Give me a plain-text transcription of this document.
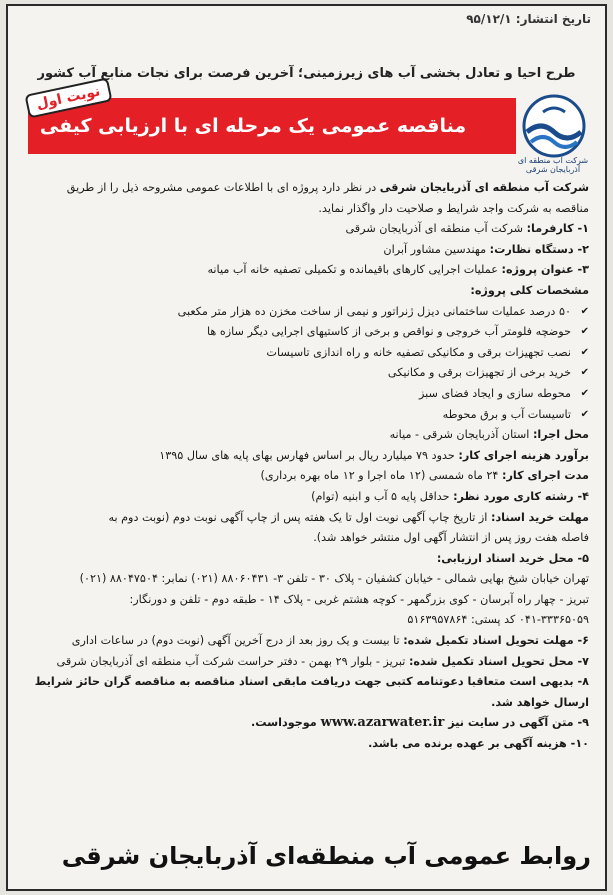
تاریخ انتشار: ۹۵/۱۲/۱
طرح احیا و تعادل بخشی آب های زیرزمینی؛ آخرین فرصت برای نجات منابع آب کشور
مناقصه عمومی یک مرحله ای با ارزیابی کیفی
نوبت اول
شرکت آب منطقه ای آذربایجان شرقی

شرکت آب منطقه ای آذربایجان شرقی در نظر دارد پروژه ای با اطلاعات عمومی مشروحه ذیل را از طریق

مناقصه به شرکت واجد شرایط و صلاحیت دار واگذار نماید.

۱- کارفرما: شرکت آب منطقه ای آذربایجان شرقی

۲- دستگاه نظارت: مهندسین مشاور آبران

۳- عنوان پروژه: عملیات اجرایی کارهای باقیمانده و تکمیلی تصفیه خانه آب میانه

مشخصات کلی پروژه:

✔ ۵۰ درصد عملیات ساختمانی دیزل ژنراتور و نیمی از ساخت مخزن ده هزار متر مکعبی

✔ حوضچه فلومتر آب خروجی و نواقص و برخی از کاستیهای اجرایی دیگر سازه ها

✔ نصب تجهیزات برقی و مکانیکی تصفیه خانه و راه اندازی تاسیسات

✔ خرید برخی از تجهیزات برقی و مکانیکی

✔ محوطه سازی و ایجاد فضای سبز

✔ تاسیسات آب و برق محوطه

محل اجرا: استان آذربایجان شرقی - میانه

برآورد هزینه اجرای کار: حدود ۷۹ میلیارد ریال بر اساس فهارس بهای پایه های سال ۱۳۹۵

مدت اجرای کار: ۲۴ ماه شمسی (۱۲ ماه اجرا و ۱۲ ماه بهره برداری)

۴- رشته کاری مورد نظر: حداقل پایه ۵ آب و ابنیه (توام)

مهلت خرید اسناد: از تاریخ چاپ آگهی نوبت اول تا یک هفته پس از چاپ آگهی نوبت دوم (نوبت دوم به

فاصله هفت روز پس از انتشار آگهی اول منتشر خواهد شد).

۵- محل خرید اسناد ارزیابی:

تهران خیابان شیخ بهایی شمالی - خیابان کشفیان - پلاک ۳۰ - تلفن ۳- ۸۸۰۶۰۴۳۱ (۰۲۱) نمابر: ۸۸۰۴۷۵۰۴ (۰۲۱)

تبریز - چهار راه آبرسان - کوی بزرگمهر - کوچه هشتم غربی - پلاک ۱۴ - طبقه دوم - تلفن و دورنگار:

۰۴۱-۳۳۳۶۵۰۵۹ کد پستی: ۵۱۶۳۹۵۷۸۶۴

۶- مهلت تحویل اسناد تکمیل شده: تا بیست و یک روز بعد از درج آخرین آگهی (نوبت دوم) در ساعات اداری

۷- محل تحویل اسناد تکمیل شده: تبریز - بلوار ۲۹ بهمن - دفتر حراست شرکت آب منطقه ای آذربایجان شرقی

۸- بدیهی است متعاقبا دعوتنامه کتبی جهت دریافت مابقی اسناد مناقصه به مناقصه گران حائز شرایط

ارسال خواهد شد.

۹- متن آگهی در سایت نیز www.azarwater.ir موجوداست.

۱۰- هزینه آگهی بر عهده برنده می باشد.

روابط عمومی آب منطقه‌ای آذربایجان شرقی
